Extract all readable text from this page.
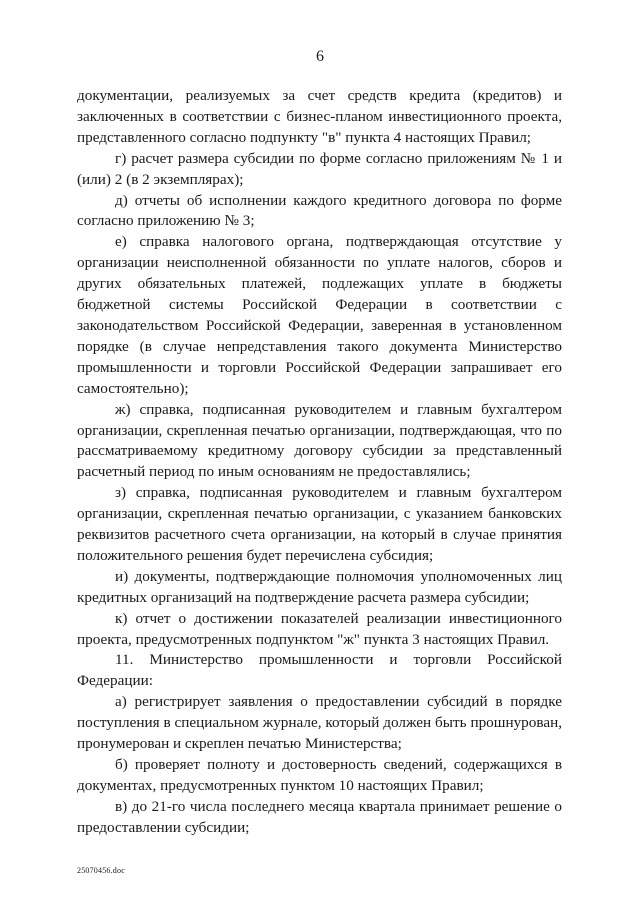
6

документации, реализуемых за счет средств кредита (кредитов) и заключенных в соответствии с бизнес-планом инвестиционного проекта, представленного согласно подпункту "в" пункта 4 настоящих Правил;

г) расчет размера субсидии по форме согласно приложениям № 1 и (или) 2 (в 2 экземплярах);

д) отчеты об исполнении каждого кредитного договора по форме согласно приложению № 3;

е) справка налогового органа, подтверждающая отсутствие у организации неисполненной обязанности по уплате налогов, сборов и других обязательных платежей, подлежащих уплате в бюджеты бюджетной системы Российской Федерации в соответствии с законодательством Российской Федерации, заверенная в установленном порядке (в случае непредставления такого документа Министерство промышленности и торговли Российской Федерации запрашивает его самостоятельно);

ж) справка, подписанная руководителем и главным бухгалтером организации, скрепленная печатью организации, подтверждающая, что по рассматриваемому кредитному договору субсидии за представленный расчетный период по иным основаниям не предоставлялись;

з) справка, подписанная руководителем и главным бухгалтером организации, скрепленная печатью организации, с указанием банковских реквизитов расчетного счета организации, на который в случае принятия положительного решения будет перечислена субсидия;

и) документы, подтверждающие полномочия уполномоченных лиц кредитных организаций на подтверждение расчета размера субсидии;

к) отчет о достижении показателей реализации инвестиционного проекта, предусмотренных подпунктом "ж" пункта 3 настоящих Правил.

11. Министерство промышленности и торговли Российской Федерации:

а) регистрирует заявления о предоставлении субсидий в порядке поступления в специальном журнале, который должен быть прошнурован, пронумерован и скреплен печатью Министерства;

б) проверяет полноту и достоверность сведений, содержащихся в документах, предусмотренных пунктом 10 настоящих Правил;

в) до 21-го числа последнего месяца квартала принимает решение о предоставлении субсидии;

25070456.doc
